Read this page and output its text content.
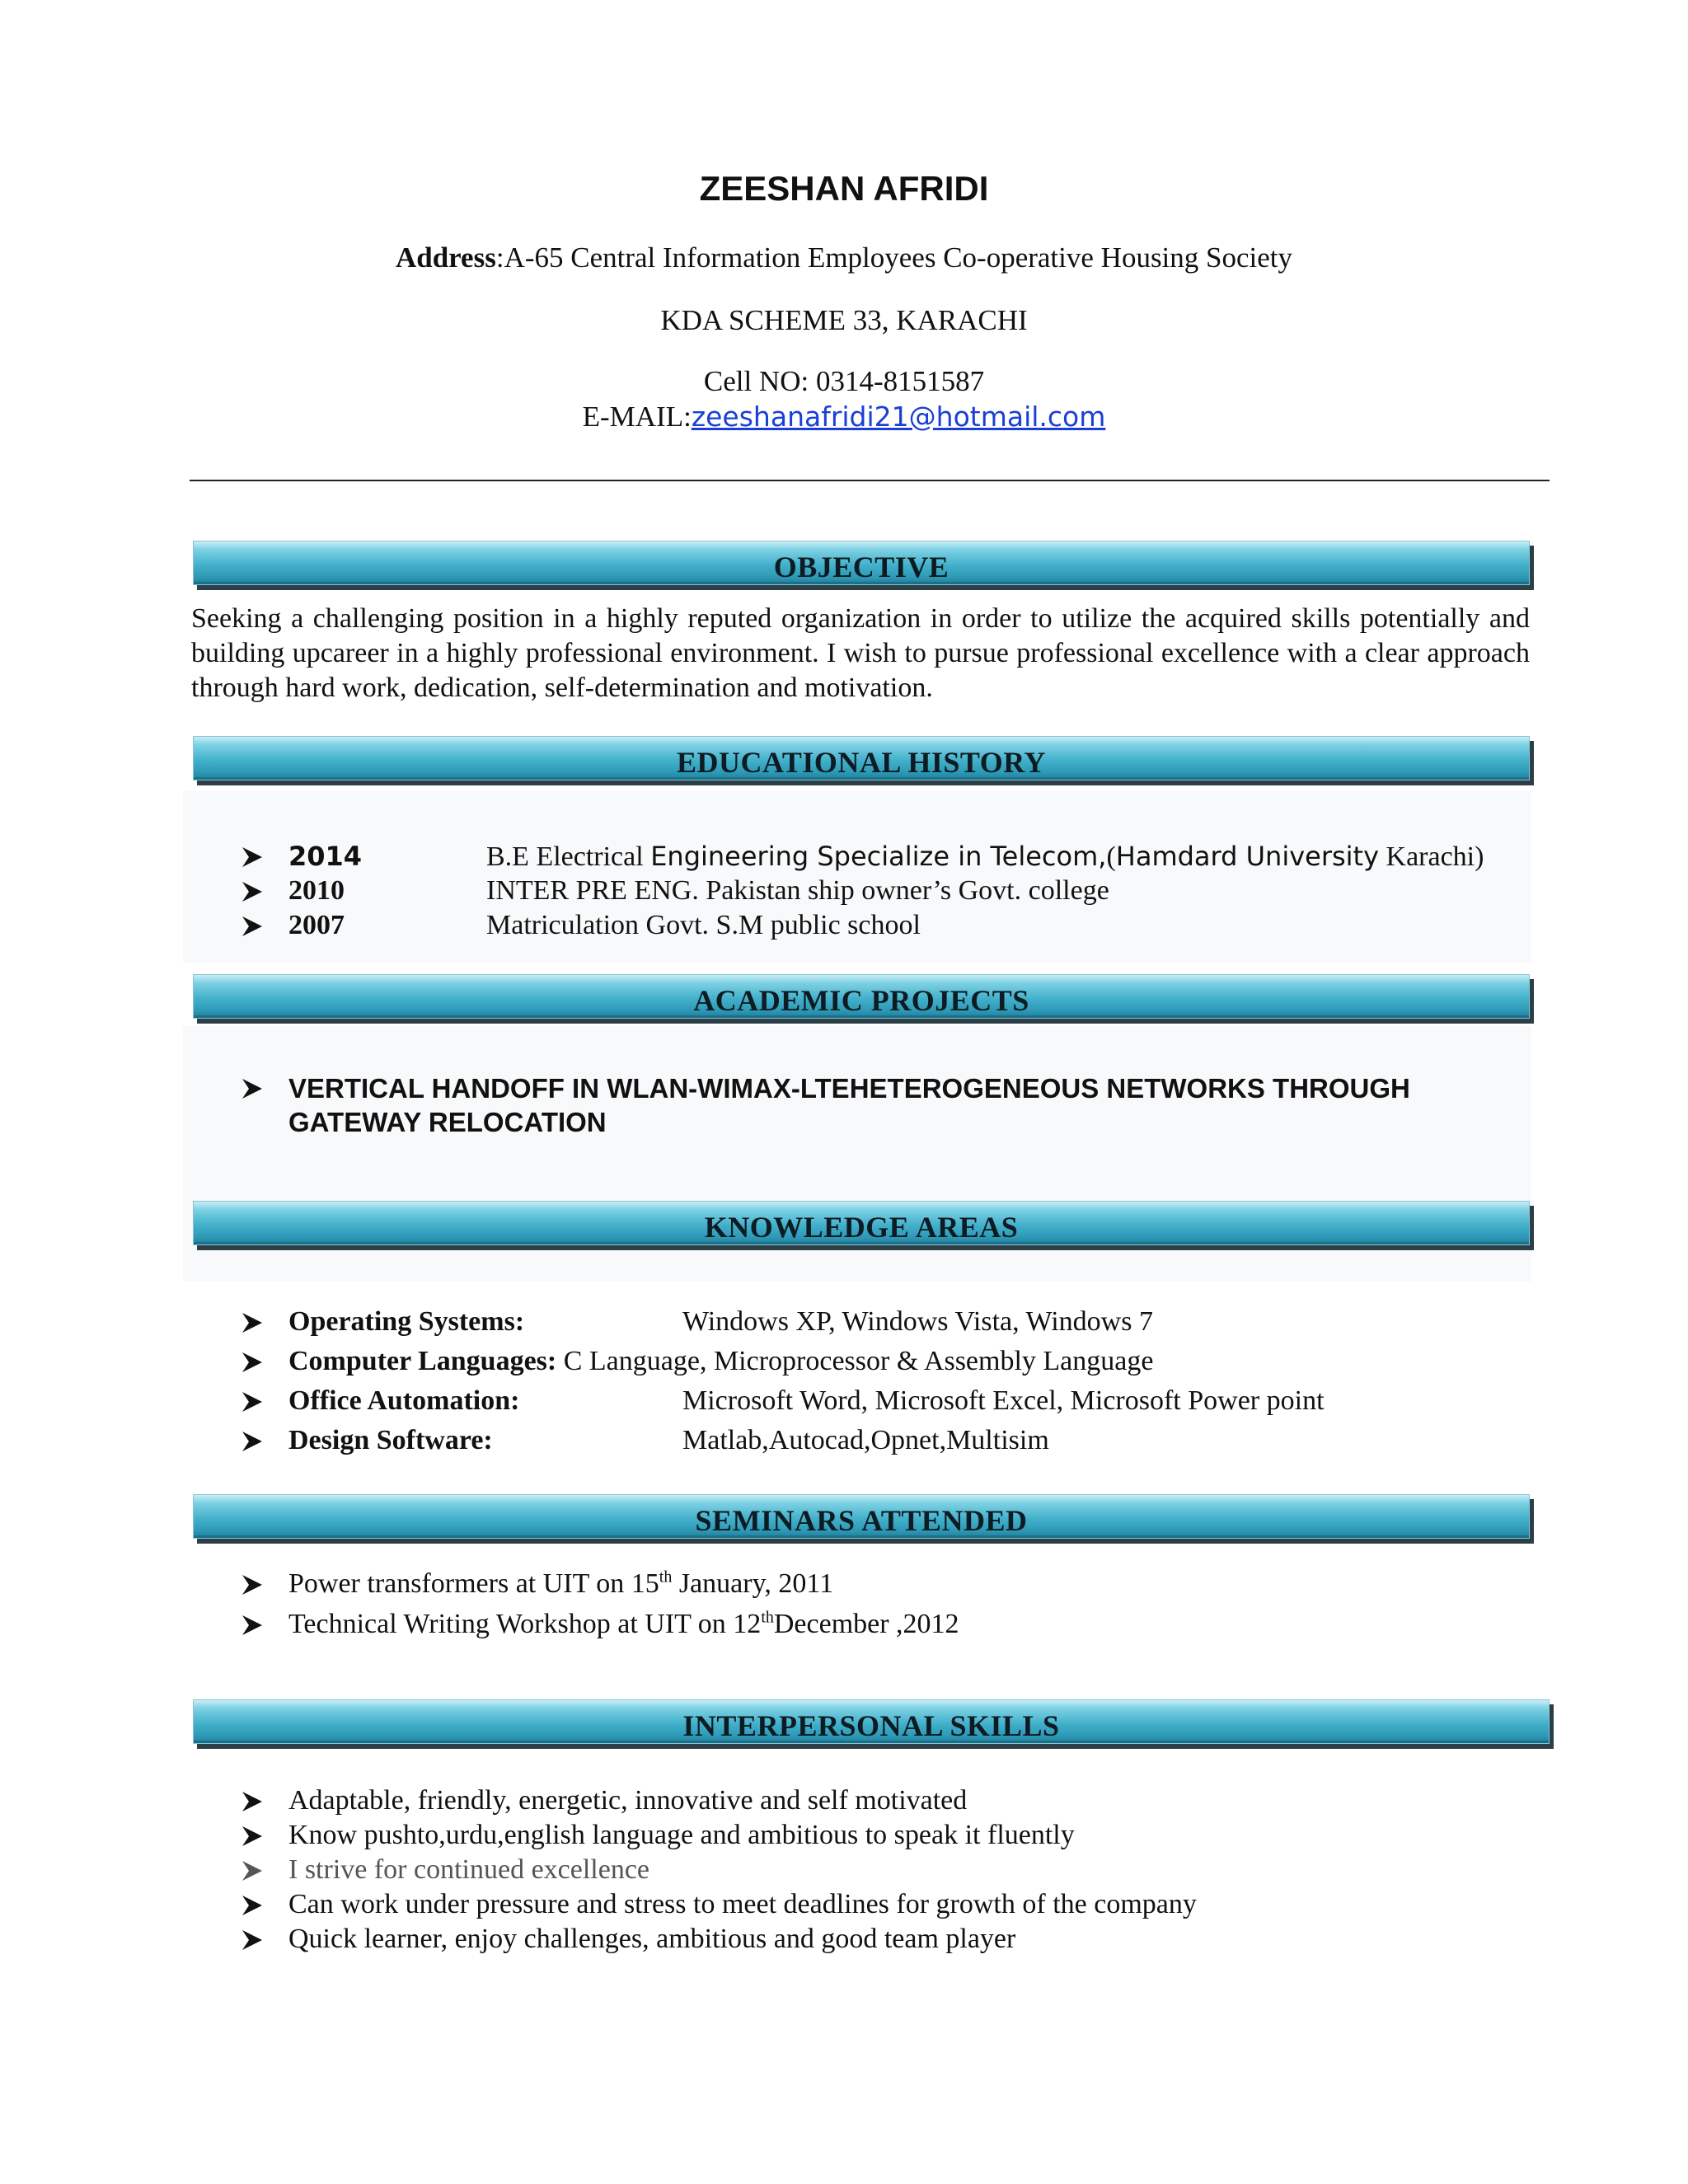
ZEESHAN AFRIDI
Address:A-65 Central Information Employees Co-operative Housing Society
KDA SCHEME 33, KARACHI
Cell NO: 0314-8151587
E-MAIL:zeeshanafridi21@hotmail.com
OBJECTIVE
Seeking a challenging position in a highly reputed organization in order to utilize the acquired skills potentially and building upcareer in a highly professional environment. I wish to pursue professional excellence with a clear approach through hard work, dedication, self-determination and motivation.
EDUCATIONAL HISTORY
2014	B.E Electrical Engineering Specialize in Telecom,(Hamdard University Karachi)
2010	INTER PRE ENG. Pakistan ship owner’s Govt. college
2007	Matriculation Govt. S.M public school
ACADEMIC PROJECTS
VERTICAL HANDOFF IN WLAN-WIMAX-LTEHETEROGENEOUS NETWORKS THROUGH GATEWAY RELOCATION
KNOWLEDGE AREAS
Operating Systems:	Windows XP, Windows Vista, Windows 7
Computer Languages: C Language, Microprocessor & Assembly Language
Office Automation:	Microsoft Word, Microsoft Excel, Microsoft Power point
Design Software:	Matlab,Autocad,Opnet,Multisim
SEMINARS ATTENDED
Power transformers at UIT on 15th January, 2011
Technical Writing Workshop at UIT on 12thDecember ,2012
INTERPERSONAL SKILLS
Adaptable, friendly, energetic, innovative and self motivated
Know pushto,urdu,english language and ambitious to speak it fluently
I strive for continued excellence
Can work under pressure and stress to meet deadlines for growth of the company
Quick learner, enjoy challenges, ambitious and good team player
